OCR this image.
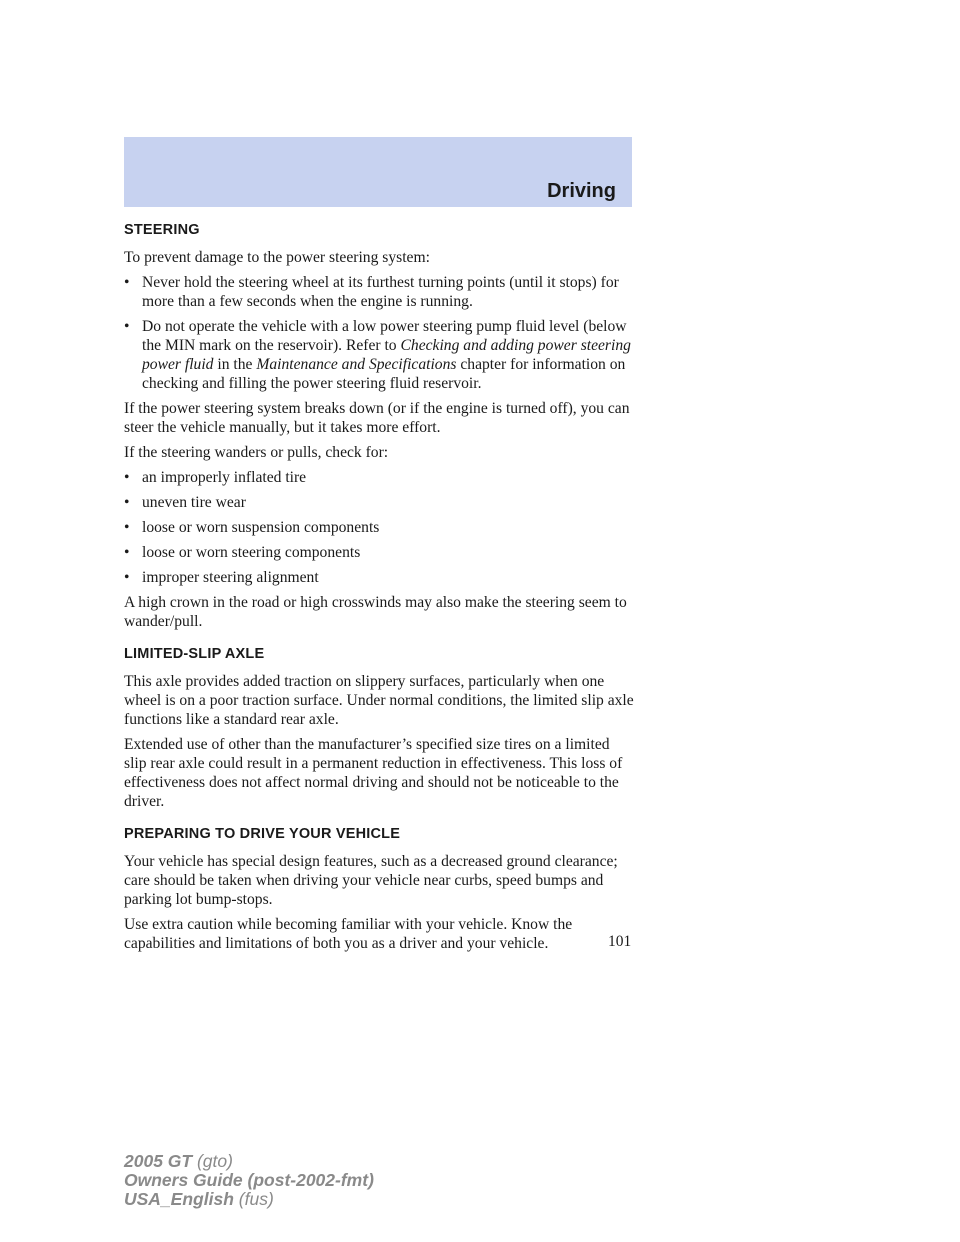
Driving
STEERING

To prevent damage to the power steering system:

• Never hold the steering wheel at its furthest turning points (until it stops) for more than a few seconds when the engine is running.
• Do not operate the vehicle with a low power steering pump fluid level (below the MIN mark on the reservoir). Refer to Checking and adding power steering power fluid in the Maintenance and Specifications chapter for information on checking and filling the power steering fluid reservoir.

If the power steering system breaks down (or if the engine is turned off), you can steer the vehicle manually, but it takes more effort.

If the steering wanders or pulls, check for:

• an improperly inflated tire
• uneven tire wear
• loose or worn suspension components
• loose or worn steering components
• improper steering alignment

A high crown in the road or high crosswinds may also make the steering seem to wander/pull.

LIMITED-SLIP AXLE

This axle provides added traction on slippery surfaces, particularly when one wheel is on a poor traction surface. Under normal conditions, the limited slip axle functions like a standard rear axle.

Extended use of other than the manufacturer’s specified size tires on a limited slip rear axle could result in a permanent reduction in effectiveness. This loss of effectiveness does not affect normal driving and should not be noticeable to the driver.

PREPARING TO DRIVE YOUR VEHICLE

Your vehicle has special design features, such as a decreased ground clearance; care should be taken when driving your vehicle near curbs, speed bumps and parking lot bump-stops.

Use extra caution while becoming familiar with your vehicle. Know the capabilities and limitations of both you as a driver and your vehicle.	101
2005 GT (gto)
Owners Guide (post-2002-fmt)
USA_English (fus)
